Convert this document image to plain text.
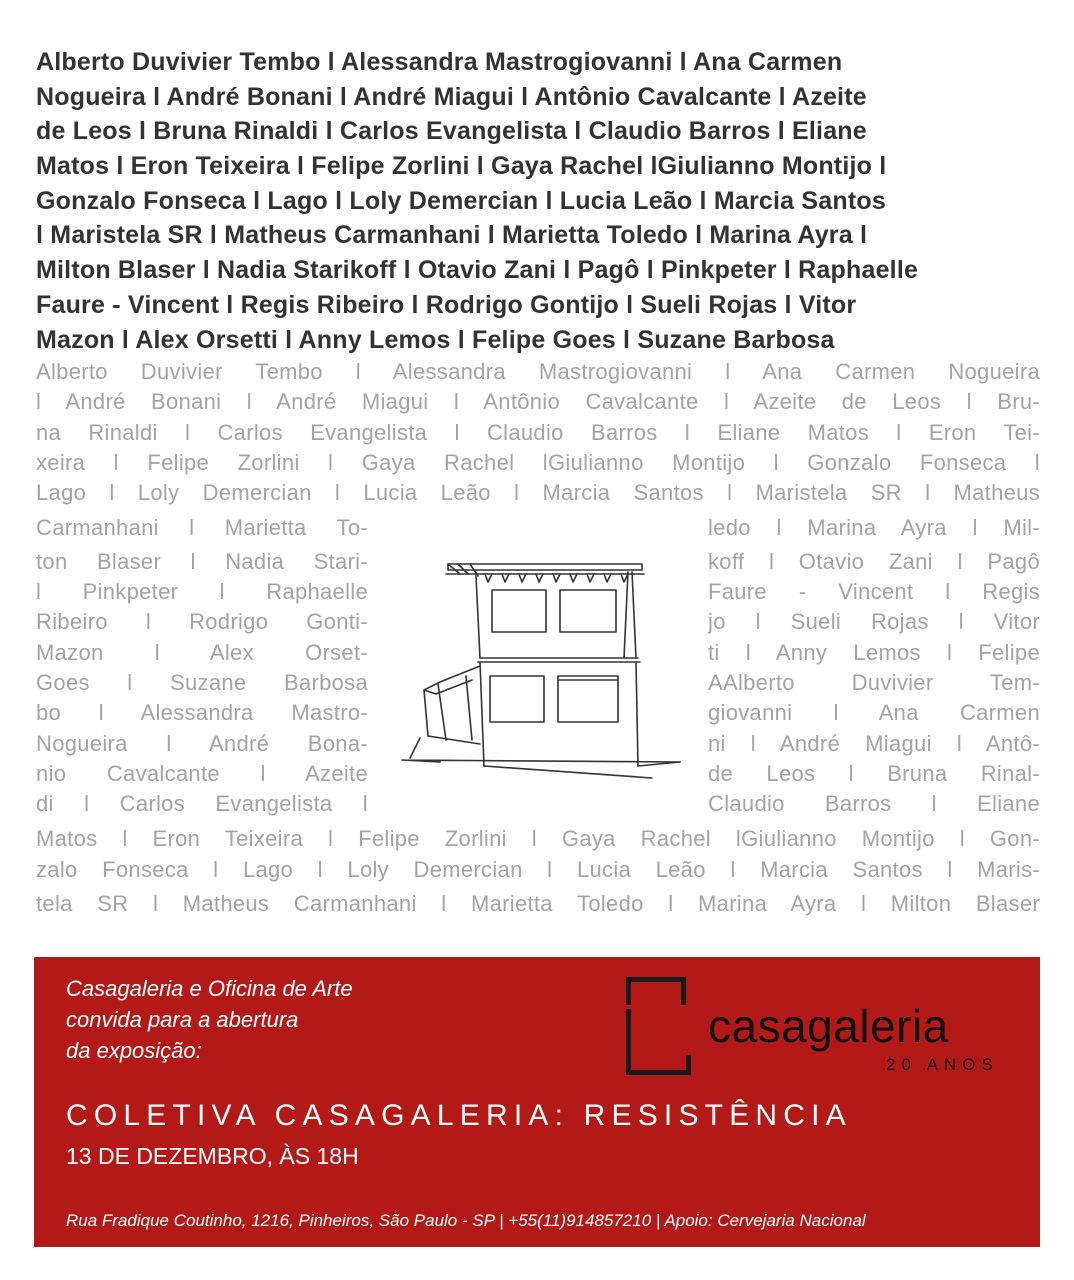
Alberto Duvivier Tembo l Alessandra Mastrogiovanni l Ana Carmen
Nogueira l André Bonani l André Miagui l Antônio Cavalcante l Azeite
de Leos l Bruna Rinaldi l Carlos Evangelista l Claudio Barros l Eliane
Matos l Eron Teixeira l Felipe Zorlini l Gaya Rachel lGiulianno Montijo l
Gonzalo Fonseca l Lago l Loly Demercian l Lucia Leão l Marcia Santos
l Maristela SR l Matheus Carmanhani l Marietta Toledo l Marina Ayra l
Milton Blaser l Nadia Starikoff l Otavio Zani l Pagô l Pinkpeter l Raphaelle
Faure - Vincent l Regis Ribeiro l Rodrigo Gontijo l Sueli Rojas l Vitor
Mazon l Alex Orsetti l Anny Lemos l Felipe Goes l Suzane Barbosa
Alberto Duvivier Tembo l Alessandra Mastrogiovanni l Ana Carmen Nogueira
l André Bonani l André Miagui l Antônio Cavalcante l Azeite de Leos l Bru-
na Rinaldi l Carlos Evangelista l Claudio Barros l Eliane Matos l Eron Tei-
xeira l Felipe Zorlini l Gaya Rachel lGiulianno Montijo l Gonzalo Fonseca l
Lago l Loly Demercian l Lucia Leão l Marcia Santos l Maristela SR l Matheus
Carmanhani l Marietta To-
ton Blaser l Nadia Stari-
l Pinkpeter l Raphaelle
Ribeiro l Rodrigo Gonti-
Mazon l Alex Orset-
Goes l Suzane Barbosa
bo l Alessandra Mastro-
Nogueira l André Bona-
nio Cavalcante l Azeite
di l Carlos Evangelista l
ledo l Marina Ayra l Mil-
koff l Otavio Zani l Pagô
Faure - Vincent l Regis
jo l Sueli Rojas l Vitor
ti l Anny Lemos l Felipe
AAlberto Duvivier Tem-
giovanni l Ana Carmen
ni l André Miagui l Antô-
de Leos l Bruna Rinal-
Claudio Barros l Eliane
Matos l Eron Teixeira l Felipe Zorlini l Gaya Rachel lGiulianno Montijo l Gon-
zalo Fonseca l Lago l Loly Demercian l Lucia Leão l Marcia Santos l Maris-
tela SR l Matheus Carmanhani l Marietta Toledo l Marina Ayra l Milton Blaser
Casagaleria e Oficina de Arte
convida para a abertura
da exposição:	casagaleria
20 ANOS
COLETIVA CASAGALERIA: RESISTÊNCIA
13 DE DEZEMBRO, ÀS 18H
Rua Fradique Coutinho, 1216, Pinheiros, São Paulo - SP | +55(11)914857210 | Apoio: Cervejaria Nacional
